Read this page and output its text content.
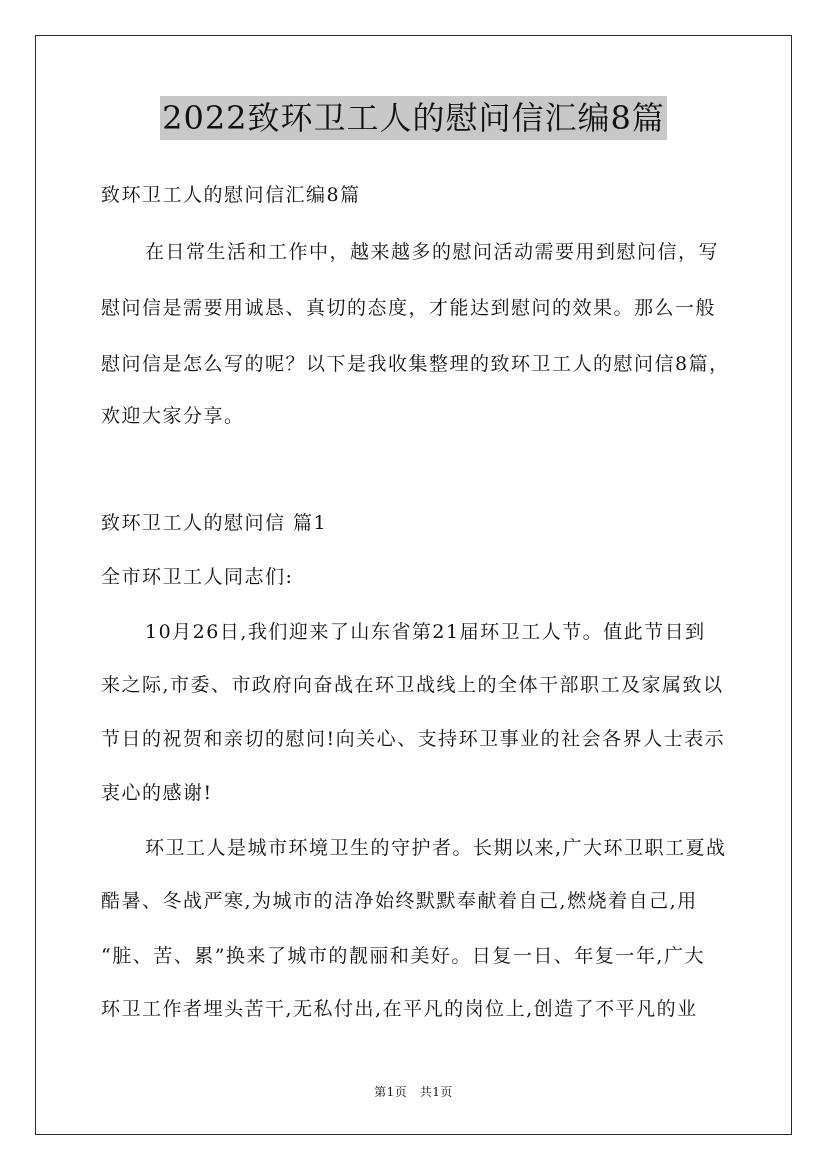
2022致环卫工人的慰问信汇编8篇
致环卫工人的慰问信汇编8篇
在日常生活和工作中，越来越多的慰问活动需要用到慰问信，写
慰问信是需要用诚恳、真切的态度，才能达到慰问的效果。那么一般
慰问信是怎么写的呢？以下是我收集整理的致环卫工人的慰问信8篇，
欢迎大家分享。
致环卫工人的慰问信 篇1
全市环卫工人同志们:
10月26日,我们迎来了山东省第21届环卫工人节。值此节日到
来之际,市委、市政府向奋战在环卫战线上的全体干部职工及家属致以
节日的祝贺和亲切的慰问!向关心、支持环卫事业的社会各界人士表示
衷心的感谢!
环卫工人是城市环境卫生的守护者。长期以来,广大环卫职工夏战
酷暑、冬战严寒,为城市的洁净始终默默奉献着自己,燃烧着自己,用
“脏、苦、累”换来了城市的靓丽和美好。日复一日、年复一年,广大
环卫工作者埋头苦干,无私付出,在平凡的岗位上,创造了不平凡的业
第1页　共1页
